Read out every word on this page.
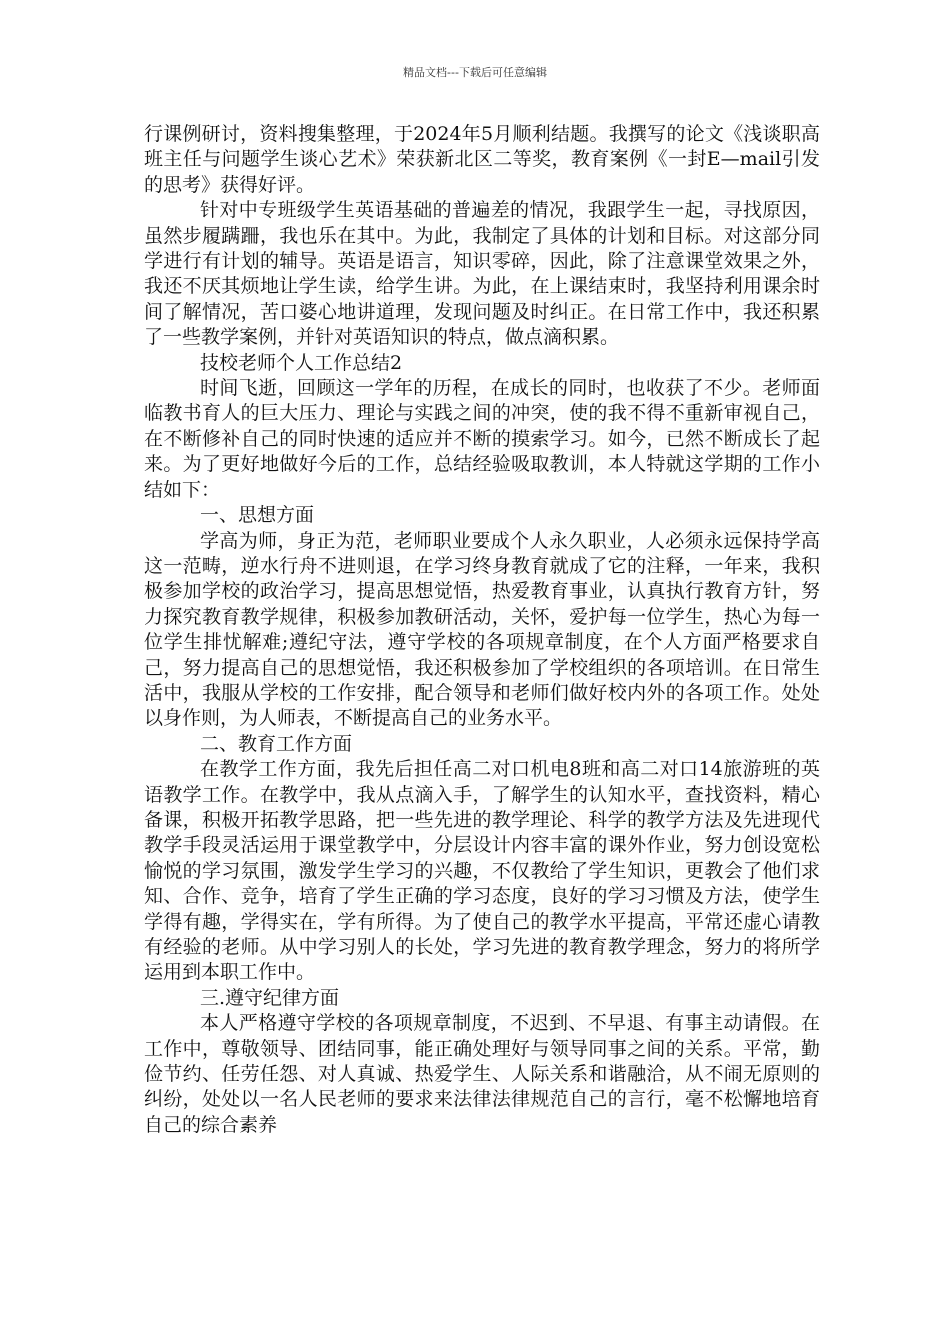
精品文档---下载后可任意编辑

行课例研讨，资料搜集整理，于2024年5月顺利结题。我撰写的论文《浅谈职高班主任与问题学生谈心艺术》荣获新北区二等奖，教育案例《一封E—mail引发的思考》获得好评。

针对中专班级学生英语基础的普遍差的情况，我跟学生一起，寻找原因，虽然步履蹒跚，我也乐在其中。为此，我制定了具体的计划和目标。对这部分同学进行有计划的辅导。英语是语言，知识零碎，因此，除了注意课堂效果之外，我还不厌其烦地让学生读，给学生讲。为此，在上课结束时，我坚持利用课余时间了解情况，苦口婆心地讲道理，发现问题及时纠正。在日常工作中，我还积累了一些教学案例，并针对英语知识的特点，做点滴积累。

技校老师个人工作总结2

时间飞逝，回顾这一学年的历程，在成长的同时，也收获了不少。老师面临教书育人的巨大压力、理论与实践之间的冲突，使的我不得不重新审视自己，在不断修补自己的同时快速的适应并不断的摸索学习。如今，已然不断成长了起来。为了更好地做好今后的工作，总结经验吸取教训，本人特就这学期的工作小结如下：

一、思想方面

学高为师，身正为范，老师职业要成个人永久职业，人必须永远保持学高这一范畴，逆水行舟不进则退，在学习终身教育就成了它的注释，一年来，我积极参加学校的政治学习，提高思想觉悟，热爱教育事业，认真执行教育方针，努力探究教育教学规律，积极参加教研活动，关怀，爱护每一位学生，热心为每一位学生排忧解难;遵纪守法，遵守学校的各项规章制度，在个人方面严格要求自己，努力提高自己的思想觉悟，我还积极参加了学校组织的各项培训。在日常生活中，我服从学校的工作安排，配合领导和老师们做好校内外的各项工作。处处以身作则，为人师表，不断提高自己的业务水平。

二、教育工作方面

在教学工作方面，我先后担任高二对口机电8班和高二对口14旅游班的英语教学工作。在教学中，我从点滴入手，了解学生的认知水平，查找资料，精心备课，积极开拓教学思路，把一些先进的教学理论、科学的教学方法及先进现代教学手段灵活运用于课堂教学中，分层设计内容丰富的课外作业，努力创设宽松愉悦的学习氛围，激发学生学习的兴趣，不仅教给了学生知识，更教会了他们求知、合作、竞争，培育了学生正确的学习态度，良好的学习习惯及方法，使学生学得有趣，学得实在，学有所得。为了使自己的教学水平提高，平常还虚心请教有经验的老师。从中学习别人的长处，学习先进的教育教学理念，努力的将所学运用到本职工作中。

三.遵守纪律方面

本人严格遵守学校的各项规章制度，不迟到、不早退、有事主动请假。在工作中，尊敬领导、团结同事，能正确处理好与领导同事之间的关系。平常，勤俭节约、任劳任怨、对人真诚、热爱学生、人际关系和谐融洽，从不闹无原则的纠纷，处处以一名人民老师的要求来法律法律规范自己的言行，毫不松懈地培育自己的综合素养
